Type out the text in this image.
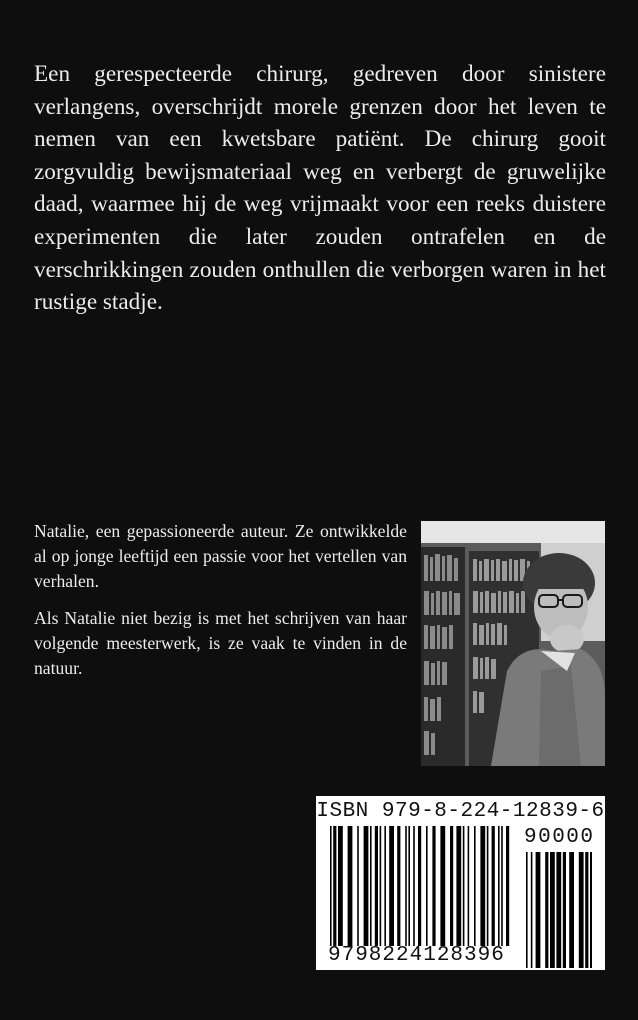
Een gerespecteerde chirurg, gedreven door sinistere verlangens, overschrijdt morele grenzen door het leven te nemen van een kwetsbare patiënt. De chirurg gooit zorgvuldig bewijsmateriaal weg en verbergt de gruwelijke daad, waarmee hij de weg vrijmaakt voor een reeks duistere experimenten die later zouden ontrafelen en de verschrikkingen zouden onthullen die verborgen waren in het rustige stadje.

Natalie, een gepassioneerde auteur. Ze ontwikkelde al op jonge leeftijd een passie voor het vertellen van verhalen.

Als Natalie niet bezig is met het schrijven van haar volgende meesterwerk, is ze vaak te vinden in de natuur.

ISBN 979-8-224-12839-6
90000
9798224128396
